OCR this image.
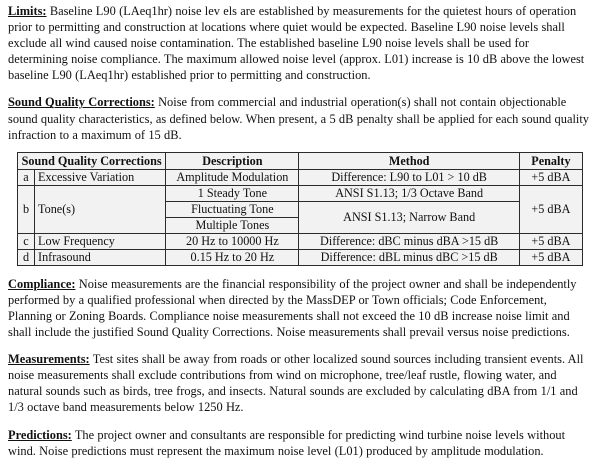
Limits: Baseline L90 (LAeq1hr) noise lev els are established by measurements for the quietest hours of operation prior to permitting and construction at locations where quiet would be expected. Baseline L90 noise levels shall exclude all wind caused noise contamination. The established baseline L90 noise levels shall be used for determining noise compliance. The maximum allowed noise level (approx. L01) increase is 10 dB above the lowest baseline L90 (LAeq1hr) established prior to permitting and construction.

Sound Quality Corrections: Noise from commercial and industrial operation(s) shall not contain objectionable sound quality characteristics, as defined below. When present, a 5 dB penalty shall be applied for each sound quality infraction to a maximum of 15 dB.

Sound Quality Corrections		Description	Method	Penalty
a	Excessive Variation	Amplitude Modulation	Difference: L90 to L01 > 10 dB	+5 dBA
b	Tone(s)	1 Steady Tone	ANSI S1.13; 1/3 Octave Band	+5 dBA
		Fluctuating Tone	ANSI S1.13; Narrow Band	
		Multiple Tones		
c	Low Frequency	20 Hz to 10000 Hz	Difference: dBC minus dBA >15 dB	+5 dBA
d	Infrasound	0.15 Hz to 20 Hz	Difference: dBL minus dBC >15 dB	+5 dBA

Compliance: Noise measurements are the financial responsibility of the project owner and shall be independently performed by a qualified professional when directed by the MassDEP or Town officials; Code Enforcement, Planning or Zoning Boards. Compliance noise measurements shall not exceed the 10 dB increase noise limit and shall include the justified Sound Quality Corrections. Noise measurements shall prevail versus noise predictions.

Measurements: Test sites shall be away from roads or other localized sound sources including transient events. All noise measurements shall exclude contributions from wind on microphone, tree/leaf rustle, flowing water, and natural sounds such as birds, tree frogs, and insects. Natural sounds are excluded by calculating dBA from 1/1 and 1/3 octave band measurements below 1250 Hz.

Predictions: The project owner and consultants are responsible for predicting wind turbine noise levels without wind. Noise predictions must represent the maximum noise level (L01) produced by amplitude modulation.
